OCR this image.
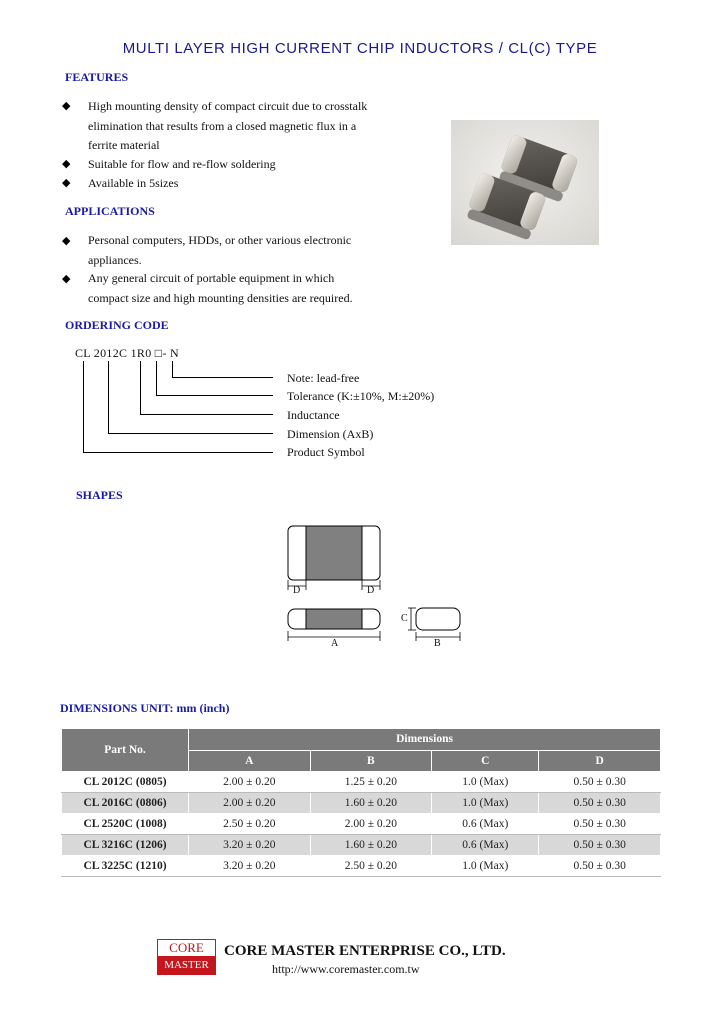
MULTI LAYER HIGH CURRENT CHIP INDUCTORS / CL(C) TYPE
FEATURES
◆ High mounting density of compact circuit due to crosstalk
elimination that results from a closed magnetic flux in a
ferrite material
◆ Suitable for flow and re-flow soldering
◆ Available in 5sizes
APPLICATIONS
◆ Personal computers, HDDs, or other various electronic
appliances.
◆ Any general circuit of portable equipment in which
compact size and high mounting densities are required.
ORDERING CODE
CL 2012C 1R0 □- N
Note: lead-free
Tolerance (K:±10%, M:±20%)
Inductance
Dimension (AxB)
Product Symbol
SHAPES
D	D
A	B
C
DIMENSIONS UNIT: mm (inch)
Part No.	Dimensions			
	A	B	C	D
CL 2012C (0805)	2.00 ± 0.20	1.25 ± 0.20	1.0 (Max)	0.50 ± 0.30
CL 2016C (0806)	2.00 ± 0.20	1.60 ± 0.20	1.0 (Max)	0.50 ± 0.30
CL 2520C (1008)	2.50 ± 0.20	2.00 ± 0.20	0.6 (Max)	0.50 ± 0.30
CL 3216C (1206)	3.20 ± 0.20	1.60 ± 0.20	0.6 (Max)	0.50 ± 0.30
CL 3225C (1210)	3.20 ± 0.20	2.50 ± 0.20	1.0 (Max)	0.50 ± 0.30
CORE
MASTER
CORE MASTER ENTERPRISE CO., LTD.
http://www.coremaster.com.tw
